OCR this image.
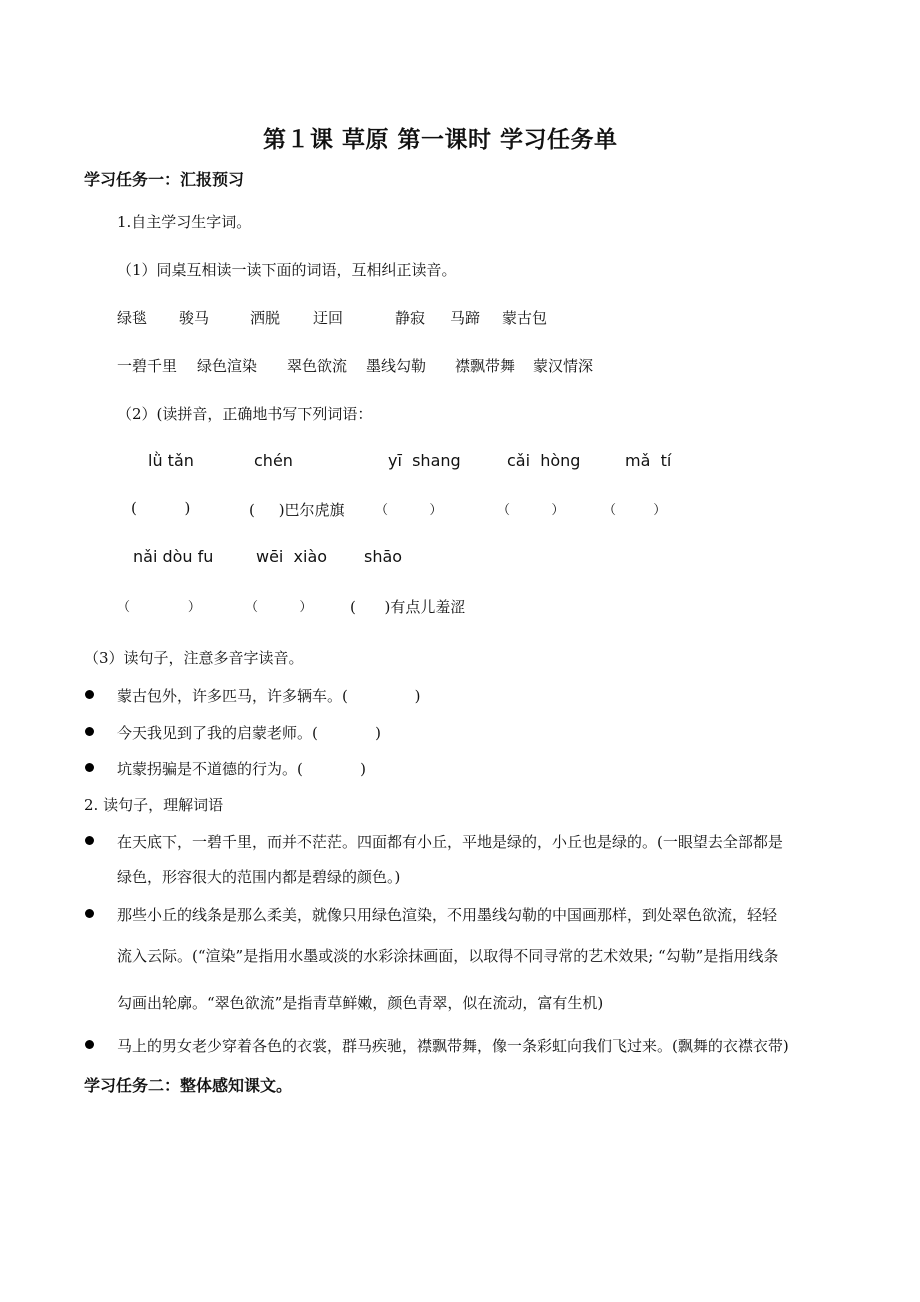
第１课 草原 第一课时 学习任务单
学习任务一：汇报预习
1.自主学习生字词。
（1）同桌互相读一读下面的词语，互相纠正读音。
绿毯 骏马	洒脱 迂回	静寂 马蹄 蒙古包
一碧千里 绿色渲染 翠色欲流 墨线勾勒 襟飘带舞 蒙汉情深
（2）(读拼音，正确地书写下列词语：
lǜ tǎn	chén	yī  shang	cǎi  hòng	mǎ  tí
(          )	(     )巴尔虎旗 （          ）	（          ）	（         ）
nǎi dòu fu	wēi  xiào shāo
（              ）	（          ）	(      )有点儿羞涩
（3）读句子，注意多音字读音。
蒙古包外，许多匹马，许多辆车。(              )
今天我见到了我的启蒙老师。(            )
坑蒙拐骗是不道德的行为。(            )
2. 读句子，理解词语
在天底下，一碧千里，而并不茫茫。四面都有小丘，平地是绿的，小丘也是绿的。(一眼望去全部都是
绿色，形容很大的范围内都是碧绿的颜色。)
那些小丘的线条是那么柔美，就像只用绿色渲染，不用墨线勾勒的中国画那样，到处翠色欲流，轻轻
流入云际。(“渲染”是指用水墨或淡的水彩涂抹画面，以取得不同寻常的艺术效果; “勾勒”是指用线条
勾画出轮廓。“翠色欲流”是指青草鲜嫩，颜色青翠，似在流动，富有生机)
马上的男女老少穿着各色的衣裳，群马疾驰，襟飘带舞，像一条彩虹向我们飞过来。(飘舞的衣襟衣带)
学习任务二：整体感知课文。
